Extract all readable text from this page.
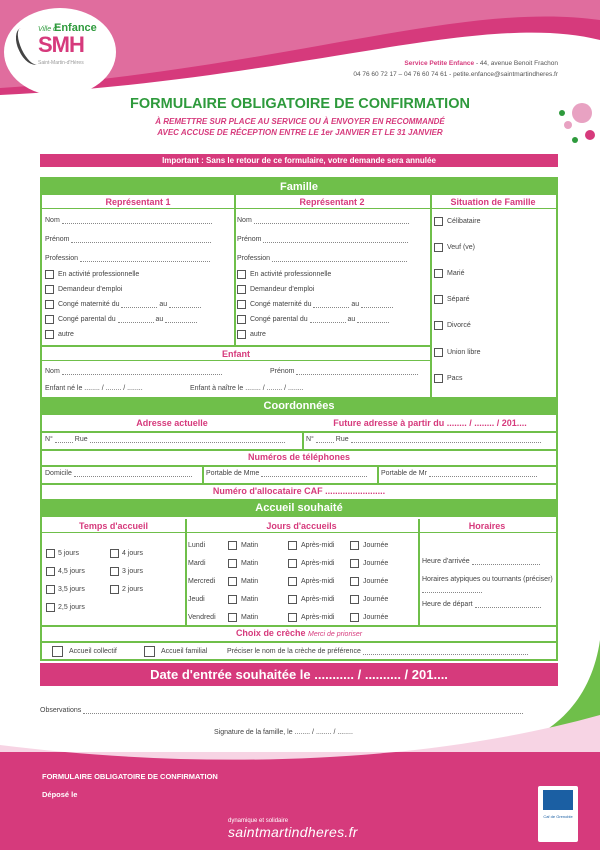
Ville d'
Enfance
SMH
Saint-Martin-d'Hères	Service Petite Enfance - 44, avenue Benoit Frachon
04 76 60 72 17 – 04 76 60 74 61 - petite.enfance@saintmartindheres.fr
FORMULAIRE OBLIGATOIRE DE CONFIRMATION
À REMETTRE SUR PLACE AU SERVICE OU À ENVOYER EN RECOMMANDÉ
AVEC ACCUSE DE RÉCEPTION ENTRE LE 1er JANVIER ET LE 31 JANVIER
Important : Sans le retour de ce formulaire, votre demande sera annulée
Famille
Représentant 1	Représentant 2	Situation de Famille
Nom
Prénom
Profession
En activité professionnelle
Demandeur d'emploi
Congé maternité du	au
Congé parental du	au
autre
Nom
Prénom
Profession
En activité professionnelle
Demandeur d'emploi
Congé maternité du	au
Congé parental du	au
autre
Célibataire
Veuf (ve)
Marié
Séparé
Divorcé
Union libre
Pacs
Enfant
Nom	Prénom
Enfant né le ........ / ........ / ........	Enfant à naître le ........ / ........ / ........
Coordonnées
Adresse actuelle	Future adresse à partir du ........ / ........ / 201....
N°	Rue	N°	Rue
Numéros de téléphones
Domicile	Portable de Mme	Portable de Mr
Numéro d'allocataire CAF ........................
Accueil souhaité
Temps d'accueil	Jours d'accueils	Horaires
5 jours	4 jours
4,5 jours	3 jours
3,5 jours	2 jours
2,5 jours
Lundi	Matin	Après-midi	Journée
Mardi	Matin	Après-midi	Journée
Mercredi	Matin	Après-midi	Journée
Jeudi	Matin	Après-midi	Journée
Vendredi	Matin	Après-midi	Journée
Heure d'arrivée
Horaires atypiques ou tournants (préciser)
Heure de départ
Choix de crèche Merci de prioriser
Accueil collectif	Accueil familial	Préciser le nom de la crèche de préférence
Date d'entrée souhaitée le ........... / .......... / 201....
Observations
Signature de la famille, le ........ / ........ / ........
FORMULAIRE OBLIGATOIRE DE CONFIRMATION
Déposé le
dynamique et solidaire
saintmartindheres.fr
Caf de Grenoble
